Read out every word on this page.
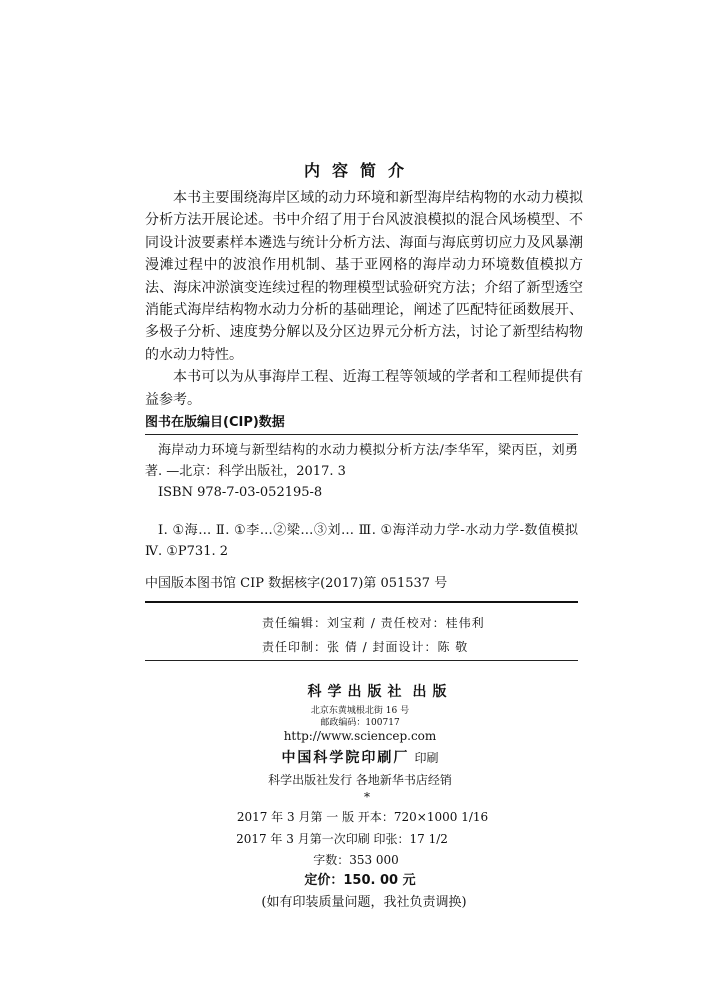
内容简介

本书主要围绕海岸区域的动力环境和新型海岸结构物的水动力模拟分析方法开展论述。书中介绍了用于台风波浪模拟的混合风场模型、不同设计波要素样本遴选与统计分析方法、海面与海底剪切应力及风暴潮漫滩过程中的波浪作用机制、基于亚网格的海岸动力环境数值模拟方法、海床冲淤演变连续过程的物理模型试验研究方法；介绍了新型透空消能式海岸结构物水动力分析的基础理论，阐述了匹配特征函数展开、多极子分析、速度势分解以及分区边界元分析方法，讨论了新型结构物的水动力特性。

本书可以为从事海岸工程、近海工程等领域的学者和工程师提供有益参考。

图书在版编目(CIP)数据

海岸动力环境与新型结构的水动力模拟分析方法/李华军，梁丙臣，刘勇著. —北京：科学出版社，2017. 3

ISBN 978-7-03-052195-8

Ⅰ. ①海… Ⅱ. ①李…②梁…③刘… Ⅲ. ①海洋动力学-水动力学-数值模拟 Ⅳ. ①P731. 2

中国版本图书馆 CIP 数据核字(2017)第 051537 号
责任编辑：刘宝莉 / 责任校对：桂伟利
责任印制：张 倩 / 封面设计：陈 敬
科学出版社 出版
北京东黄城根北街 16 号
邮政编码：100717
http://www.sciencep.com
中国科学院印刷厂 印刷
科学出版社发行 各地新华书店经销
*
2017 年 3 月第 一 版 开本：720×1000 1/16
2017 年 3 月第一次印刷 印张：17 1/2
字数：353 000
定价：150. 00 元
(如有印装质量问题，我社负责调换)
